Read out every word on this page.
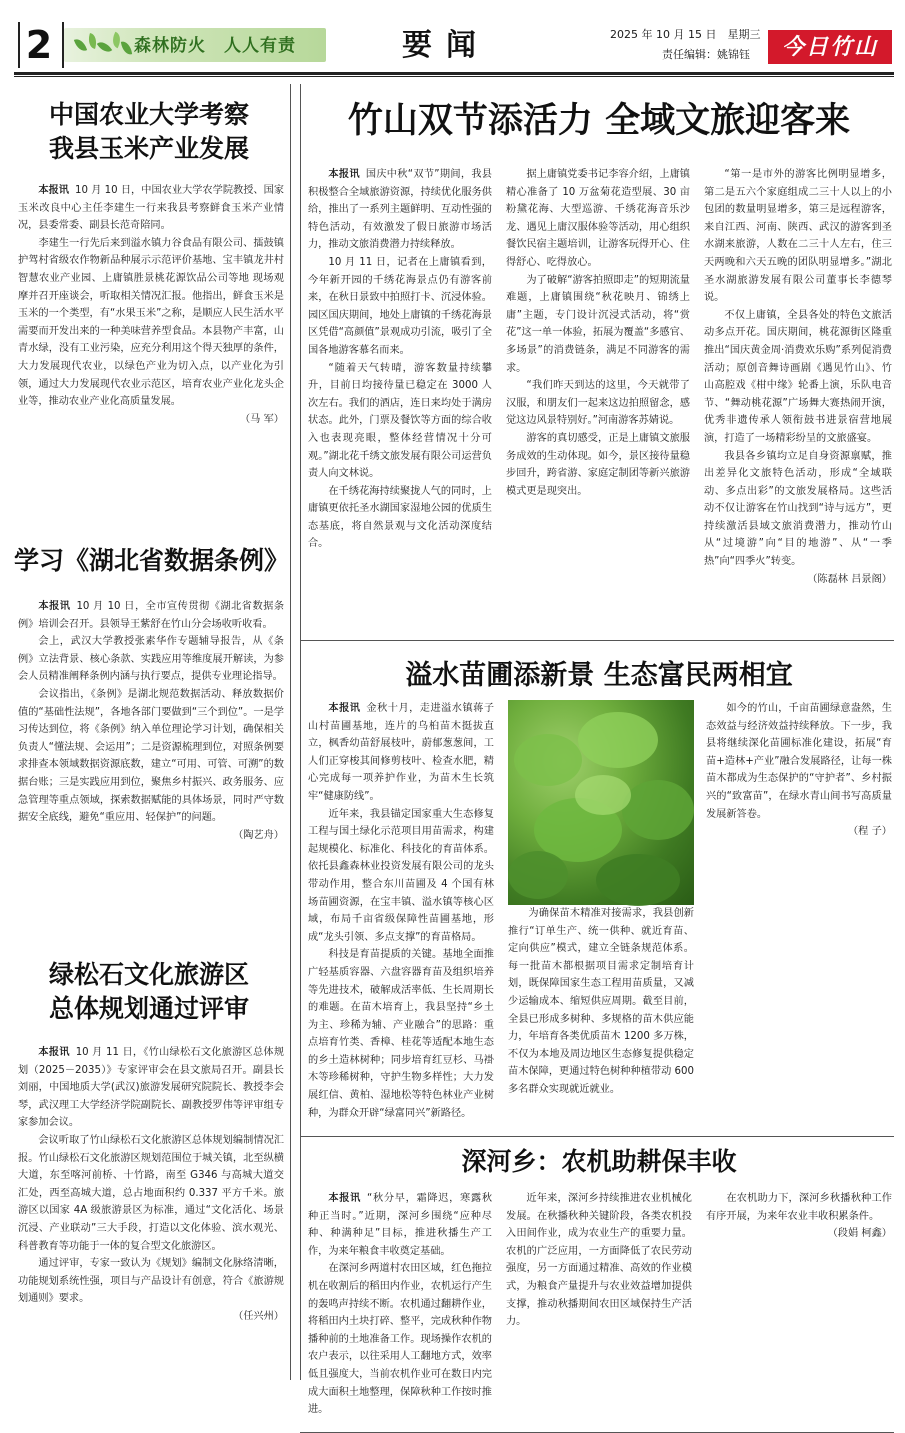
2	森林防火　人人有责	要闻	2025 年 10 月 15 日　星期三
责任编辑：姚锦钰	今日竹山
中国农业大学考察
我县玉米产业发展

本报讯 10 月 10 日，中国农业大学农学院教授、国家玉米改良中心主任李建生一行来我县考察鲜食玉米产业情况，县委常委、副县长范奇陪同。

李建生一行先后来到溢水镇力谷食品有限公司、擂鼓镇护驾村省级农作物新品种展示示范评价基地、宝丰镇龙井村智慧农业产业园、上庸镇胜景桃花源饮品公司等地 现场观摩并召开座谈会，听取相关情况汇报。他指出，鲜食玉米是玉米的一个类型，有“水果玉米”之称，是顺应人民生活水平需要而开发出来的一种美味营养型食品。本县物产丰富，山青水绿，没有工业污染，应充分利用这个得天独厚的条件，大力发展现代农业，以绿色产业为切入点，以产业化为引领，通过大力发展现代农业示范区，培育农业产业化龙头企业等，推动农业产业化高质量发展。

（马 军）
学习《湖北省数据条例》

本报讯 10 月 10 日，全市宣传贯彻《湖北省数据条例》培训会召开。县领导王紫舒在竹山分会场收听收看。

会上，武汉大学教授张素华作专题辅导报告，从《条例》立法背景、核心条款、实践应用等维度展开解读，为参会人员精准阐释条例内涵与执行要点，提供专业理论指导。

会议指出，《条例》是湖北规范数据活动、释放数据价值的“基础性法规”，各地各部门要做到“三个到位”。一是学习传达到位，将《条例》纳入单位理论学习计划，确保相关负责人“懂法规、会运用”；二是资源梳理到位，对照条例要求排查本领域数据资源底数，建立“可用、可管、可溯”的数据台账；三是实践应用到位，聚焦乡村振兴、政务服务、应急管理等重点领域，探索数据赋能的具体场景，同时严守数据安全底线，避免“重应用、轻保护”的问题。

（陶艺舟）
绿松石文化旅游区
总体规划通过评审

本报讯 10 月 11 日，《竹山绿松石文化旅游区总体规划（2025－2035）》专家评审会在县文旅局召开。副县长刘丽，中国地质大学(武汉)旅游发展研究院院长、教授李会琴，武汉理工大学经济学院副院长、副教授罗伟等评审组专家参加会议。

会议听取了竹山绿松石文化旅游区总体规划编制情况汇报。竹山绿松石文化旅游区规划范围位于城关镇，北至纵横大道，东至喀河前桥、十竹路，南至 G346 与高城大道交汇处，西至高城大道，总占地面积约 0.337 平方千米。旅游区以国家 4A 级旅游景区为标准，通过“文化活化、场景沉浸、产业联动”三大手段，打造以文化体验、滨水观光、科普教育等功能于一体的复合型文化旅游区。

通过评审，专家一致认为《规划》编制文化脉络清晰，功能规划系统性强，项目与产品设计有创意，符合《旅游规划通则》要求。

（任兴州）
竹山双节添活力 全域文旅迎客来

本报讯 国庆中秋“双节”期间，我县积极整合全域旅游资源，持续优化服务供给，推出了一系列主题鲜明、互动性强的特色活动，有效激发了假日旅游市场活力，推动文旅消费潜力持续释放。

10 月 11 日，记者在上庸镇看到，今年新开园的千绣花海景点仍有游客前来，在秋日景致中拍照打卡、沉浸体验。园区国庆期间，地处上庸镇的千绣花海景区凭借“高颜值”景观成功引流，吸引了全国各地游客慕名而来。

“随着天气转晴，游客数量持续攀升，目前日均接待量已稳定在 3000 人次左右。我们的酒店，连日来均处于满房状态。此外，门票及餐饮等方面的综合收入也表现亮眼，整体经营情况十分可观。”湖北花千绣文旅发展有限公司运营负责人向文林说。

在千绣花海持续聚拢人气的同时，上庸镇更依托圣水湖国家湿地公园的优质生态基底，将自然景观与文化活动深度结合。

据上庸镇党委书记李容介绍，上庸镇精心准备了 10 万盆菊花造型展、30 亩粉黛花海、大型巡游、千绣花海音乐沙龙、遇见上庸汉服体验等活动，用心组织餐饮民宿主题培训，让游客玩得开心、住得舒心、吃得放心。

为了破解“游客拍照即走”的短期流量难题，上庸镇围绕“秋花映月、锦绣上庸”主题，专门设计沉浸式活动，将“赏花”这一单一体验，拓展为覆盖“多感官、多场景”的消费链条，满足不同游客的需求。

“我们昨天到达的这里，今天就带了汉服，和朋友们一起来这边拍照留念，感觉这边风景特别好。”河南游客苏婧说。

游客的真切感受，正是上庸镇文旅服务成效的生动体现。如今，景区接待量稳步回升，跨省游、家庭定制团等新兴旅游模式更是现突出。

“第一是市外的游客比例明显增多，第二是五六个家庭组成二三十人以上的小包团的数量明显增多，第三是远程游客，来自江西、河南、陕西、武汉的游客到圣水湖来旅游，人数在二三十人左右，住三天两晚和六天五晚的团队明显增多。”湖北圣水湖旅游发展有限公司董事长李德琴说。

不仅上庸镇，全县各处的特色文旅活动多点开花。国庆期间，桃花源街区隆重推出“国庆黄金周·消费欢乐购”系列促消费活动；原创音舞诗画剧《遇见竹山》、竹山高腔戏《柑中缘》轮番上演，乐队电音节、“舞动桃花源”广场舞大赛热闹开演，优秀非遗传承人领衔鼓书进景宿营地展演，打造了一场精彩纷呈的文旅盛宴。

我县各乡镇均立足自身资源禀赋，推出差异化文旅特色活动，形成“全域联动、多点出彩”的文旅发展格局。这些活动不仅让游客在竹山找到“诗与远方”，更持续激活县域文旅消费潜力，推动竹山从“过境游”向“目的地游”、从“一季热”向“四季火”转变。

（陈磊林 吕景阁）
溢水苗圃添新景 生态富民两相宜

本报讯 金秋十月，走进溢水镇蒋子山村苗圃基地，连片的乌桕苗木挺拔直立，枫香幼苗舒展枝叶，蔚郁葱葱间，工人们正穿梭其间修剪枝叶、检查水肥，精心完成每一项养护作业，为苗木生长筑牢“健康防线”。

近年来，我县锚定国家重大生态修复工程与国土绿化示范项目用苗需求，构建起规模化、标准化、科技化的育苗体系。依托县鑫森林业投资发展有限公司的龙头带动作用，整合东川苗圃及 4 个国有林场苗圃资源，在宝丰镇、溢水镇等核心区域，布局千亩省级保障性苗圃基地，形成“龙头引领、多点支撑”的育苗格局。

科技是育苗提质的关键。基地全面推广轻基质容器、六盘容器育苗及组织培养等先进技术，破解成活率低、生长周期长的难题。在苗木培育上，我县坚持“乡土为主、珍稀为辅、产业融合”的思路：重点培育竹类、香樟、桂花等适配本地生态的乡土造林树种；同步培育红豆杉、马褂木等珍稀树种，守护生物多样性；大力发展红信、黄柏、湿地松等特色林业产业树种，为群众开辟“绿富同兴”新路径。

为确保苗木精准对接需求，我县创新推行“订单生产、统一供种、就近育苗、定向供应”模式，建立全链条规范体系。每一批苗木都根据项目需求定制培育计划，既保障国家生态工程用苗质量，又减少运输成本、缩短供应周期。截至目前，全县已形成多树种、多规格的苗木供应能力，年培育各类优质苗木 1200 多万株，不仅为本地及周边地区生态修复提供稳定苗木保障，更通过特色树种种植带动 600 多名群众实现就近就业。

如今的竹山，千亩苗圃绿意盎然，生态效益与经济效益持续释放。下一步，我县将继续深化苗圃标准化建设，拓展“育苗+造林+产业”融合发展路径，让每一株苗木都成为生态保护的“守护者”、乡村振兴的“致富苗”，在绿水青山间书写高质量发展新答卷。

（程 子）
深河乡：农机助耕保丰收

本报讯 “秋分早，霜降迟，寒露秋种正当时。”近期，深河乡围绕“应种尽种、种满种足”目标，推进秋播生产工作，为来年粮食丰收奠定基础。

在深河乡两道村农田区域，红色拖拉机在收割后的稻田内作业，农机运行产生的轰鸣声持续不断。农机通过翻耕作业，将稻田内土块打碎、整平，完成秋种作物播种前的土地准备工作。现场操作农机的农户表示，以往采用人工翻地方式，效率低且强度大，当前农机作业可在数日内完成大面积土地整理，保障秋种工作按时推进。

近年来，深河乡持续推进农业机械化发展。在秋播秋种关键阶段，各类农机投入田间作业，成为农业生产的重要力量。农机的广泛应用，一方面降低了农民劳动强度，另一方面通过精准、高效的作业模式，为粮食产量提升与农业效益增加提供支撑，推动秋播期间农田区域保持生产活力。

在农机助力下，深河乡秋播秋种工作有序开展，为来年农业丰收积累条件。

（段娟 柯鑫）
